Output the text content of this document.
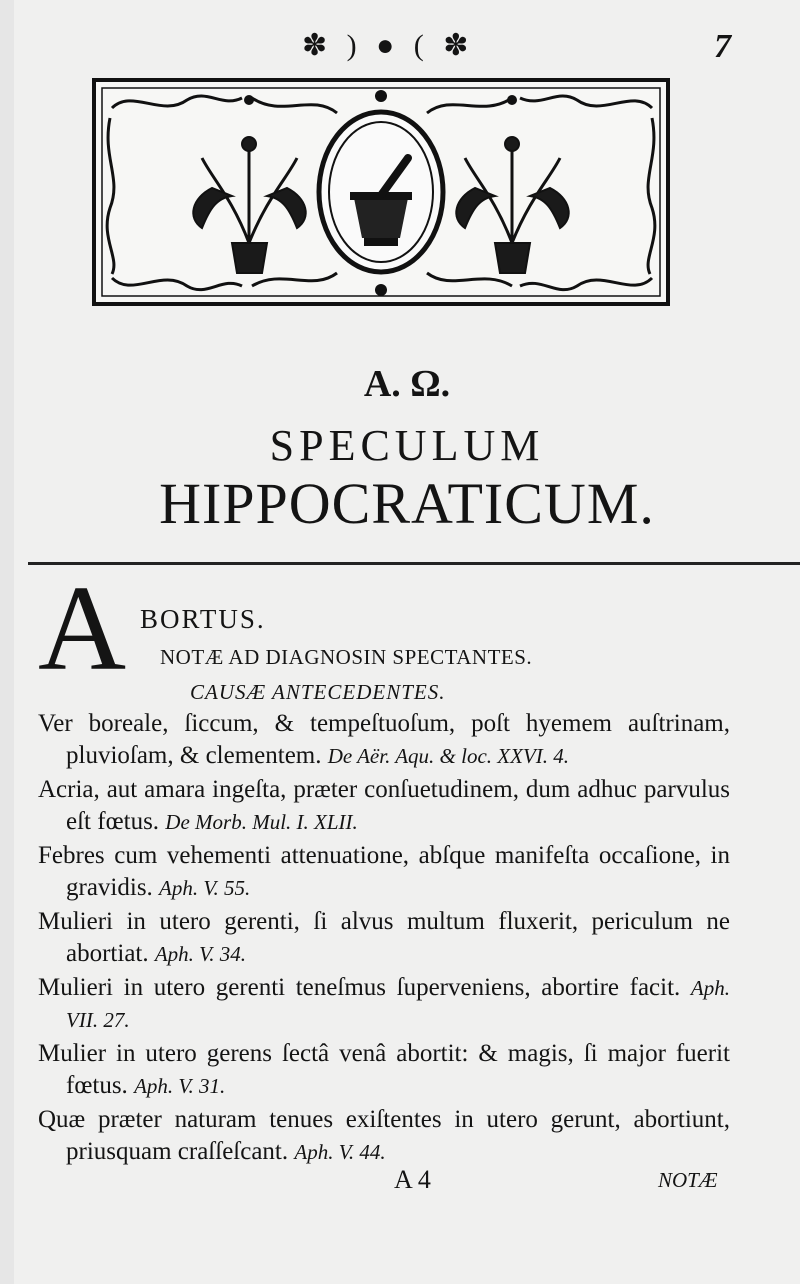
✽ ) ● ( ✽	7
A. Ω.
SPECULUM
HIPPOCRATICUM.
A BORTUS.
NOTÆ AD DIAGNOSIN SPECTANTES.
CAUSÆ ANTECEDENTES.

Ver boreale, ſiccum, & tempeſtuoſum, poſt hyemem auſtrinam, pluvioſam, & clementem. De Aër. Aqu. & loc. XXVI. 4.

Acria, aut amara ingeſta, præter conſuetudinem, dum adhuc parvulus eſt fœtus. De Morb. Mul. I. XLII.

Febres cum vehementi attenuatione, abſque manifeſta occaſione, in gravidis. Aph. V. 55.

Mulieri in utero gerenti, ſi alvus multum fluxerit, periculum ne abortiat. Aph. V. 34.

Mulieri in utero gerenti teneſmus ſuperveniens, abortire facit. Aph. VII. 27.

Mulier in utero gerens ſectâ venâ abortit: & magis, ſi major fuerit fœtus. Aph. V. 31.

Quæ præter naturam tenues exiſtentes in utero gerunt, abortiunt, priusquam craſſeſcant. Aph. V. 44.

A 4	NOTÆ
